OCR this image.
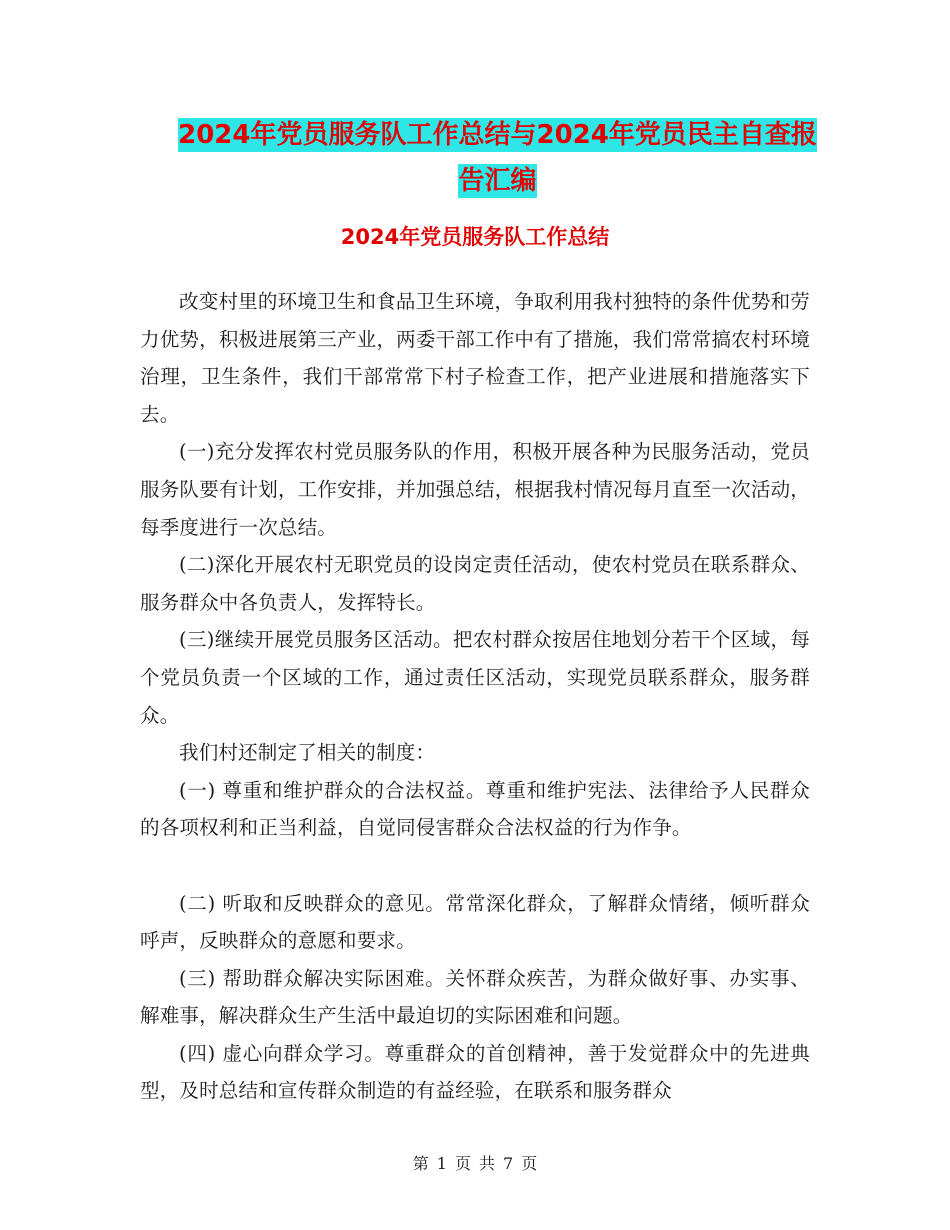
2024年党员服务队工作总结与2024年党员民主自查报
告汇编
2024年党员服务队工作总结

改变村里的环境卫生和食品卫生环境，争取利用我村独特的条件优势和劳力优势，积极进展第三产业，两委干部工作中有了措施，我们常常搞农村环境治理，卫生条件，我们干部常常下村子检查工作，把产业进展和措施落实下去。

(一)充分发挥农村党员服务队的作用，积极开展各种为民服务活动，党员服务队要有计划，工作安排，并加强总结，根据我村情况每月直至一次活动，每季度进行一次总结。

(二)深化开展农村无职党员的设岗定责任活动，使农村党员在联系群众、服务群众中各负责人，发挥特长。

(三)继续开展党员服务区活动。把农村群众按居住地划分若干个区域，每个党员负责一个区域的工作，通过责任区活动，实现党员联系群众，服务群众。

我们村还制定了相关的制度：

(一) 尊重和维护群众的合法权益。尊重和维护宪法、法律给予人民群众的各项权利和正当利益，自觉同侵害群众合法权益的行为作争。

(二) 听取和反映群众的意见。常常深化群众，了解群众情绪，倾听群众呼声，反映群众的意愿和要求。

(三) 帮助群众解决实际困难。关怀群众疾苦，为群众做好事、办实事、解难事，解决群众生产生活中最迫切的实际困难和问题。

(四) 虚心向群众学习。尊重群众的首创精神，善于发觉群众中的先进典型，及时总结和宣传群众制造的有益经验，在联系和服务群众

第 1 页 共 7 页
